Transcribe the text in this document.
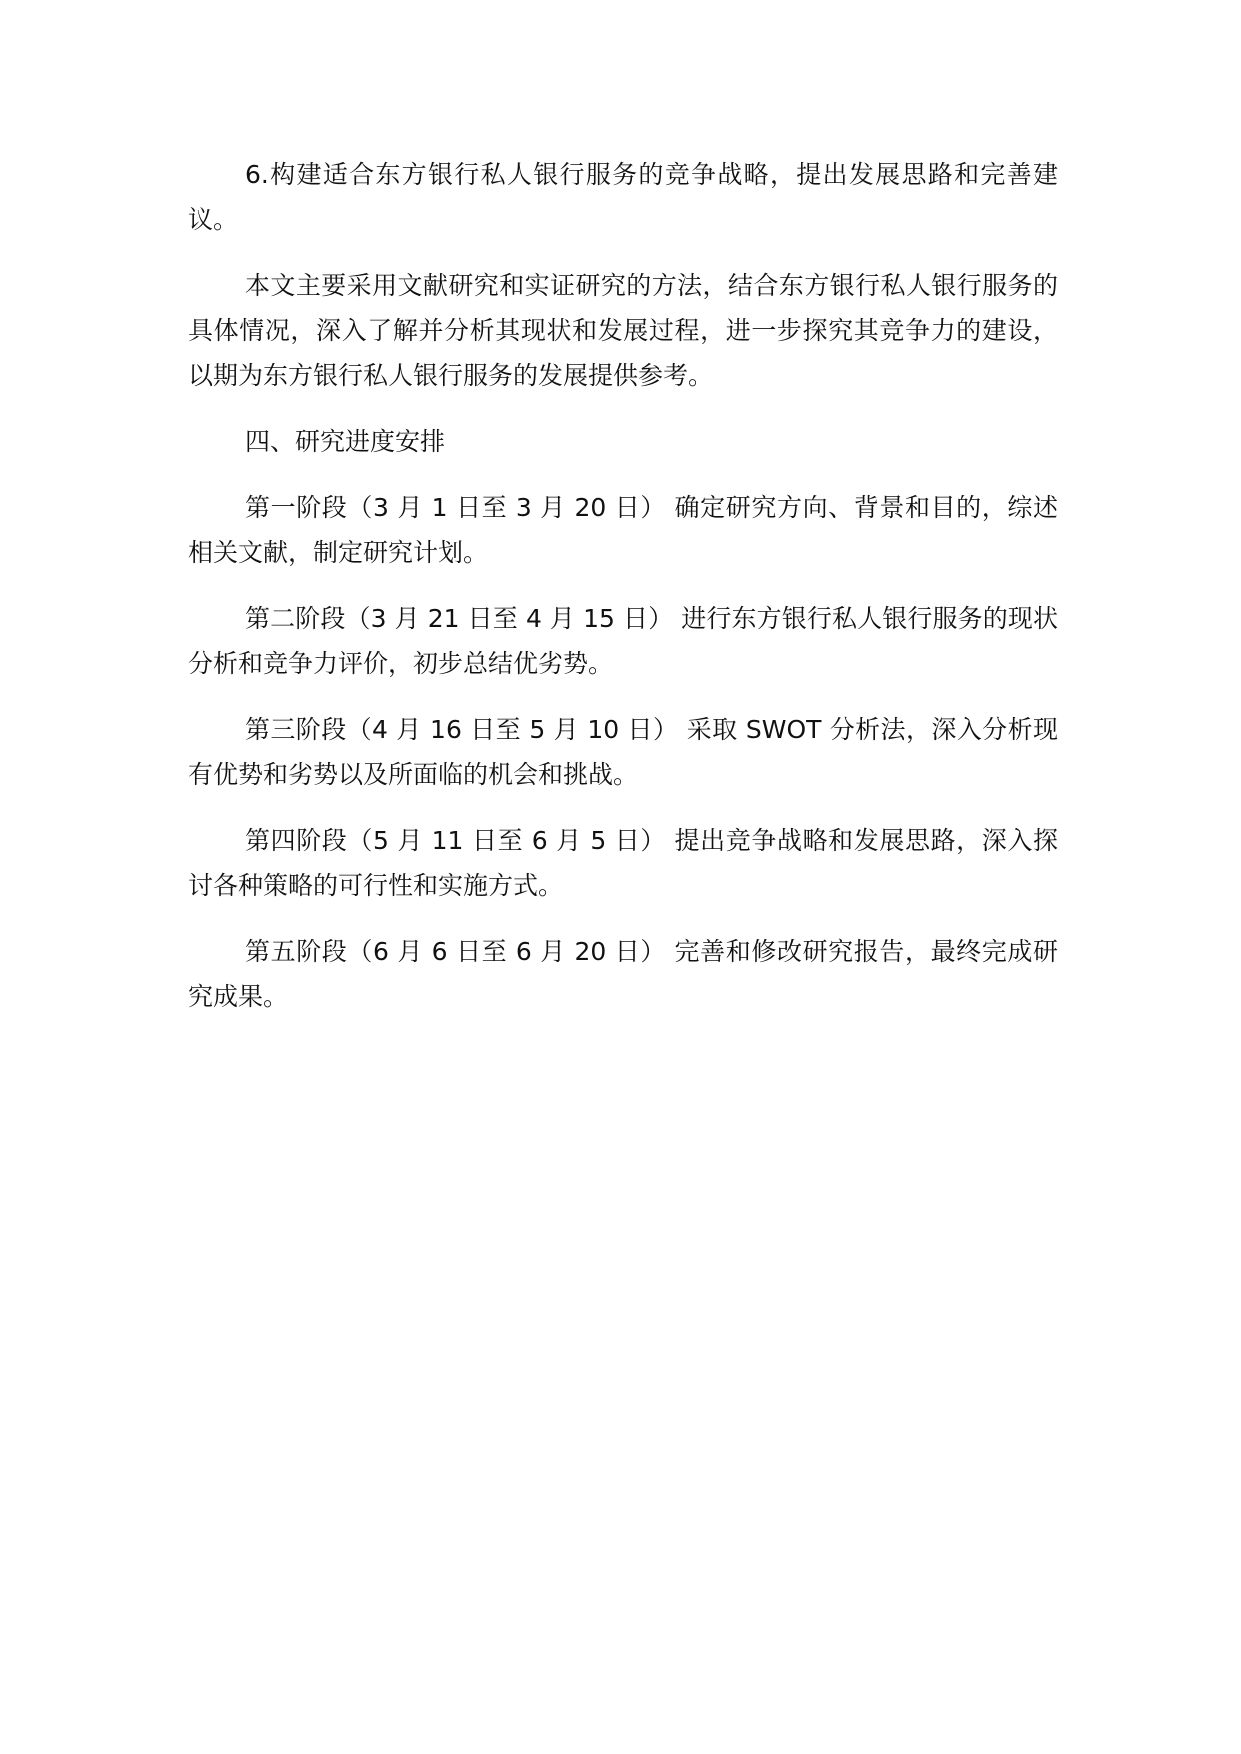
6.构建适合东方银行私人银行服务的竞争战略，提出发展思路和完善建议。

本文主要采用文献研究和实证研究的方法，结合东方银行私人银行服务的具体情况，深入了解并分析其现状和发展过程，进一步探究其竞争力的建设，以期为东方银行私人银行服务的发展提供参考。

四、研究进度安排

第一阶段（3 月 1 日至 3 月 20 日） 确定研究方向、背景和目的，综述相关文献，制定研究计划。

第二阶段（3 月 21 日至 4 月 15 日） 进行东方银行私人银行服务的现状分析和竞争力评价，初步总结优劣势。

第三阶段（4 月 16 日至 5 月 10 日） 采取 SWOT 分析法，深入分析现有优势和劣势以及所面临的机会和挑战。

第四阶段（5 月 11 日至 6 月 5 日） 提出竞争战略和发展思路，深入探讨各种策略的可行性和实施方式。

第五阶段（6 月 6 日至 6 月 20 日） 完善和修改研究报告，最终完成研究成果。
